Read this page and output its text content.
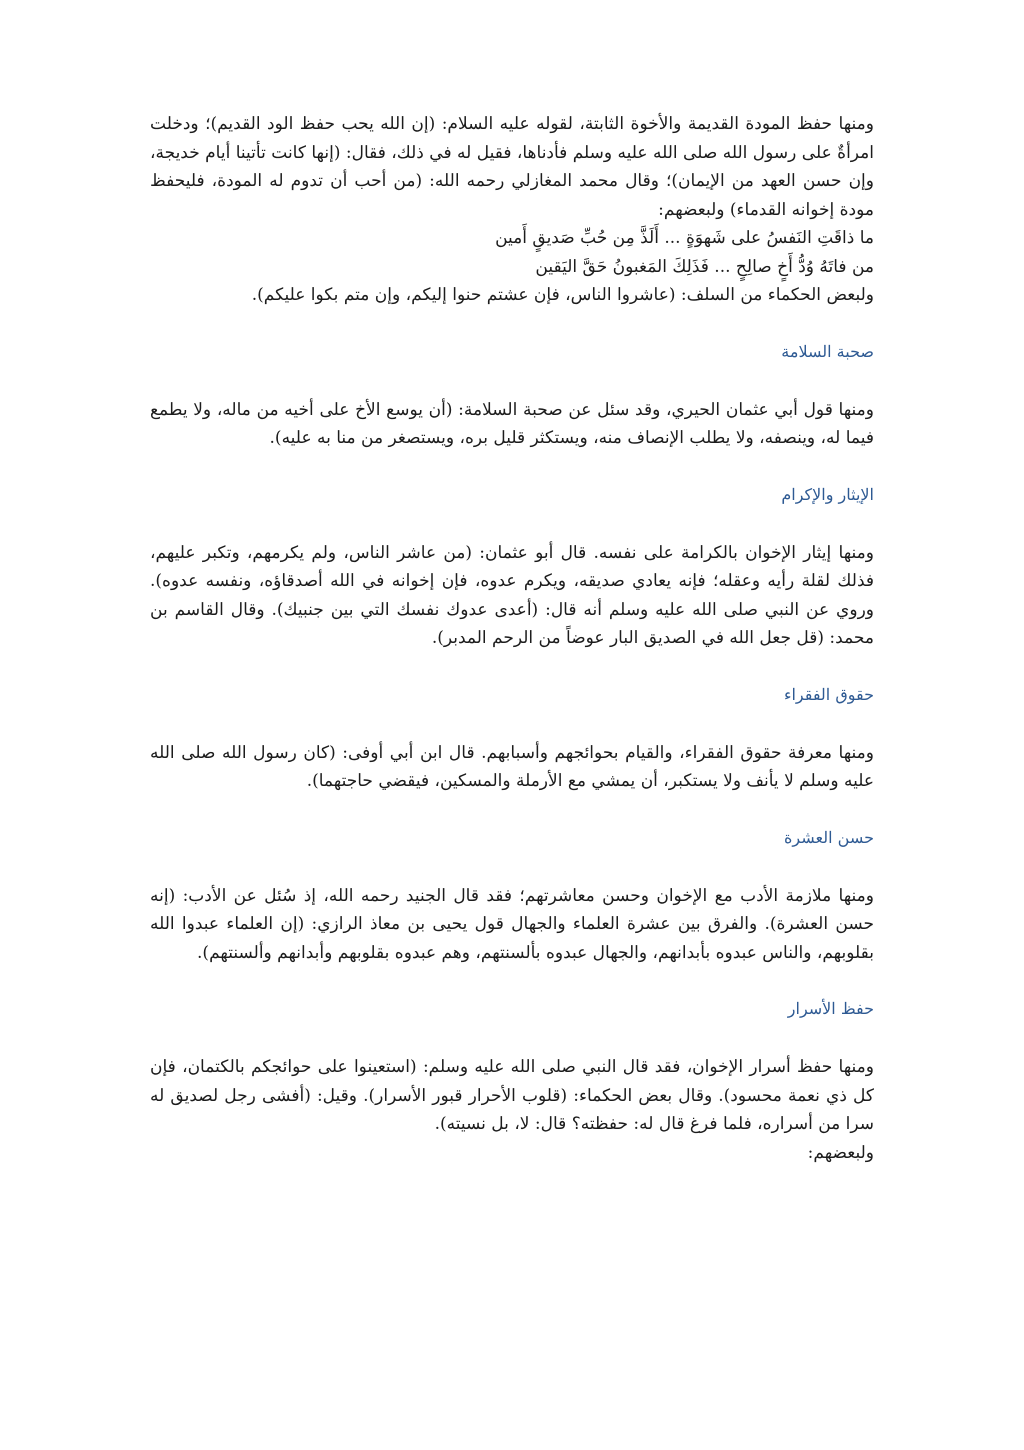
ومنها حفظ المودة القديمة والأخوة الثابتة، لقوله عليه السلام: (إن الله يحب حفظ الود القديم)؛ ودخلت امرأةٌ على رسول الله صلى الله عليه وسلم فأدناها، فقيل له في ذلك، فقال: (إنها كانت تأتينا أيام خديجة، وإن حسن العهد من الإيمان)؛ وقال محمد المغازلي رحمه الله: (من أحب أن تدوم له المودة، فليحفظ مودة إخوانه القدماء) ولبعضهم:

ما ذاقَتِ النَفسُ على شَهوَةٍ ... أَلَذَّ مِن حُبِّ صَديقٍ أَمين

من فاتَهُ وُدُّ أَخٍ صالِحٍ ... فَذَلِكَ المَغبونُ حَقَّ اليَقين

ولبعض الحكماء من السلف: (عاشروا الناس، فإن عشتم حنوا إليكم، وإن متم بكوا عليكم).

صحبة السلامة

ومنها قول أبي عثمان الحيري، وقد سئل عن صحبة السلامة: (أن يوسع الأخ على أخيه من ماله، ولا يطمع فيما له، وينصفه، ولا يطلب الإنصاف منه، ويستكثر قليل بره، ويستصغر من منا به عليه).

الإيثار والإكرام

ومنها إيثار الإخوان بالكرامة على نفسه. قال أبو عثمان: (من عاشر الناس، ولم يكرمهم، وتكبر عليهم، فذلك لقلة رأيه وعقله؛ فإنه يعادي صديقه، ويكرم عدوه، فإن إخوانه في الله أصدقاؤه، ونفسه عدوه). وروي عن النبي صلى الله عليه وسلم أنه قال: (أعدى عدوك نفسك التي بين جنبيك). وقال القاسم بن محمد: (قل جعل الله في الصديق البار عوضاً من الرحم المدبر).

حقوق الفقراء

ومنها معرفة حقوق الفقراء، والقيام بحوائجهم وأسبابهم. قال ابن أبي أوفى: (كان رسول الله صلى الله عليه وسلم لا يأنف ولا يستكبر، أن يمشي مع الأرملة والمسكين، فيقضي حاجتهما).

حسن العشرة

ومنها ملازمة الأدب مع الإخوان وحسن معاشرتهم؛ فقد قال الجنيد رحمه الله، إذ سُئل عن الأدب: (إنه حسن العشرة). والفرق بين عشرة العلماء والجهال قول يحيى بن معاذ الرازي: (إن العلماء عبدوا الله بقلوبهم، والناس عبدوه بأبدانهم، والجهال عبدوه بألسنتهم، وهم عبدوه بقلوبهم وأبدانهم وألسنتهم).

حفظ الأسرار

ومنها حفظ أسرار الإخوان، فقد قال النبي صلى الله عليه وسلم: (استعينوا على حوائجكم بالكتمان، فإن كل ذي نعمة محسود). وقال بعض الحكماء: (قلوب الأحرار قبور الأسرار). وقيل: (أفشى رجل لصديق له سرا من أسراره، فلما فرغ قال له: حفظته؟ قال: لا، بل نسيته).

ولبعضهم:
